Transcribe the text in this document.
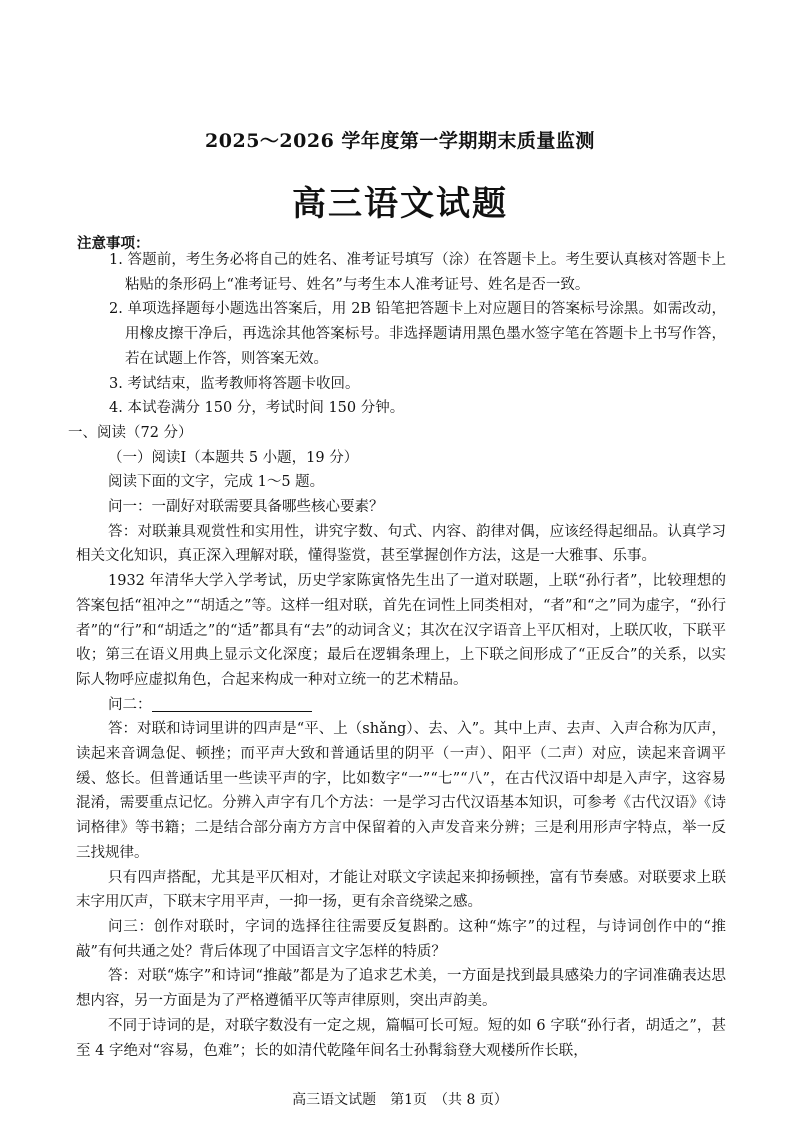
2025～2026 学年度第一学期期末质量监测
高三语文试题
注意事项：
1. 答题前，考生务必将自己的姓名、准考证号填写（涂）在答题卡上。考生要认真核对答题卡上粘贴的条形码上“准考证号、姓名”与考生本人准考证号、姓名是否一致。
2. 单项选择题每小题选出答案后，用 2B 铅笔把答题卡上对应题目的答案标号涂黑。如需改动，用橡皮擦干净后，再选涂其他答案标号。非选择题请用黑色墨水签字笔在答题卡上书写作答，若在试题上作答，则答案无效。
3. 考试结束，监考教师将答题卡收回。
4. 本试卷满分 150 分，考试时间 150 分钟。
一、阅读（72 分）
（一）阅读Ⅰ（本题共 5 小题，19 分）
阅读下面的文字，完成 1～5 题。
问一：一副好对联需要具备哪些核心要素？
答：对联兼具观赏性和实用性，讲究字数、句式、内容、韵律对偶，应该经得起细品。认真学习相关文化知识，真正深入理解对联，懂得鉴赏，甚至掌握创作方法，这是一大雅事、乐事。
1932 年清华大学入学考试，历史学家陈寅恪先生出了一道对联题，上联“孙行者”，比较理想的答案包括“祖冲之”“胡适之”等。这样一组对联，首先在词性上同类相对，“者”和“之”同为虚字，“孙行者”的“行”和“胡适之”的“适”都具有“去”的动词含义；其次在汉字语音上平仄相对，上联仄收，下联平收；第三在语义用典上显示文化深度；最后在逻辑条理上，上下联之间形成了“正反合”的关系，以实际人物呼应虚拟角色，合起来构成一种对立统一的艺术精品。
问二：
答：对联和诗词里讲的四声是“平、上（shǎng）、去、入”。其中上声、去声、入声合称为仄声，读起来音调急促、顿挫；而平声大致和普通话里的阴平（一声）、阳平（二声）对应，读起来音调平缓、悠长。但普通话里一些读平声的字，比如数字“一”“七”“八”，在古代汉语中却是入声字，这容易混淆，需要重点记忆。分辨入声字有几个方法：一是学习古代汉语基本知识，可参考《古代汉语》《诗词格律》等书籍；二是结合部分南方方言中保留着的入声发音来分辨；三是利用形声字特点，举一反三找规律。
只有四声搭配，尤其是平仄相对，才能让对联文字读起来抑扬顿挫，富有节奏感。对联要求上联末字用仄声，下联末字用平声，一抑一扬，更有余音绕梁之感。
问三：创作对联时，字词的选择往往需要反复斟酌。这种“炼字”的过程，与诗词创作中的“推敲”有何共通之处？背后体现了中国语言文字怎样的特质？
答：对联“炼字”和诗词“推敲”都是为了追求艺术美，一方面是找到最具感染力的字词准确表达思想内容，另一方面是为了严格遵循平仄等声律原则，突出声韵美。
不同于诗词的是，对联字数没有一定之规，篇幅可长可短。短的如 6 字联“孙行者，胡适之”，甚至 4 字绝对“容易，色难”；长的如清代乾隆年间名士孙髯翁登大观楼所作长联，
高三语文试题　第1页　（共 8 页）
